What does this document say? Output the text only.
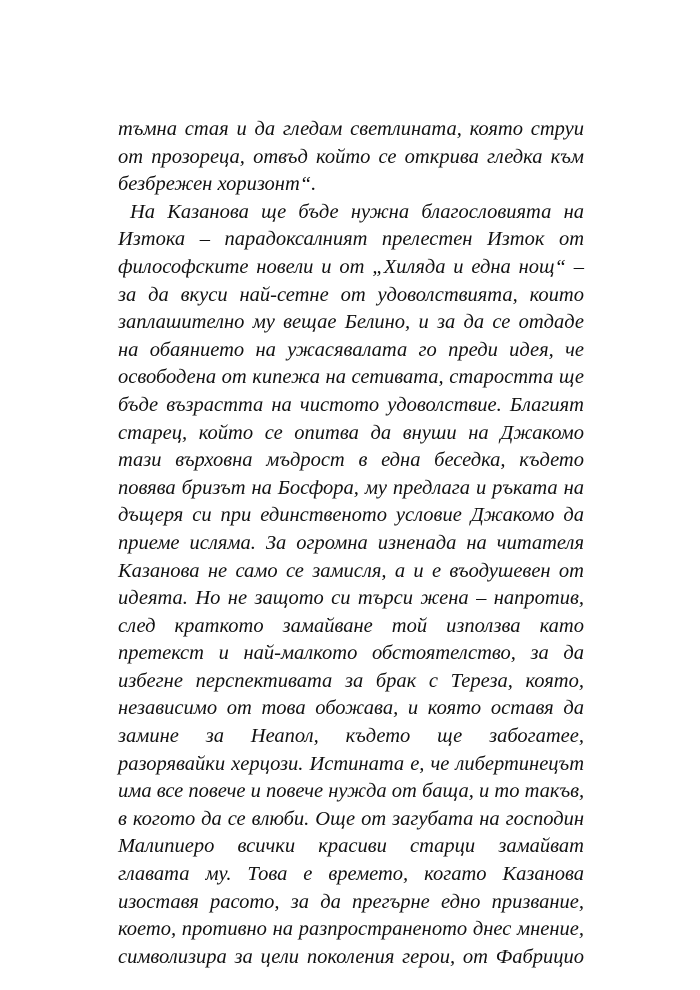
тъмна стая и да гледам светлината, която струи
от прозореца, отвъд който се открива гледка към
безбрежен хоризонт“.
На Казанова ще бъде нужна благословията на
Изтока – парадоксалният прелестен Изток от
философските новели и от „Хиляда и една нощ“ –
за да вкуси най-сетне от удоволствията, които
заплашително му вещае Белино, и за да се отдаде
на обаянието на ужасявалата го преди идея, че
освободена от кипежа на сетивата, старостта ще
бъде възрастта на чистото удоволствие. Благият
старец, който се опитва да внуши на Джакомо
тази върховна мъдрост в една беседка, където
повява бризът на Босфора, му предлага и ръката на
дъщеря си при единственото условие Джакомо да
приеме исляма. За огромна изненада на читателя
Казанова не само се замисля, а и е въодушевен от
идеята. Но не защото си търси жена – напротив,
след краткото замайване той използва като
претекст и най-малкото обстоятелство, за да
избегне перспективата за брак с Тереза, която,
независимо от това обожава, и която оставя да
замине за Неапол, където ще забогатее,
разорявайки херцози. Истината е, че либертинецът
има все повече и повече нужда от баща, и то такъв,
в когото да се влюби. Още от загубата на господин
Малипиеро всички красиви старци замайват
главата му. Това е времето, когато Казанова
изоставя расото, за да прегърне едно призвание,
което, противно на разпространеното днес мнение,
символизира за цели поколения герои, от Фабрицио
